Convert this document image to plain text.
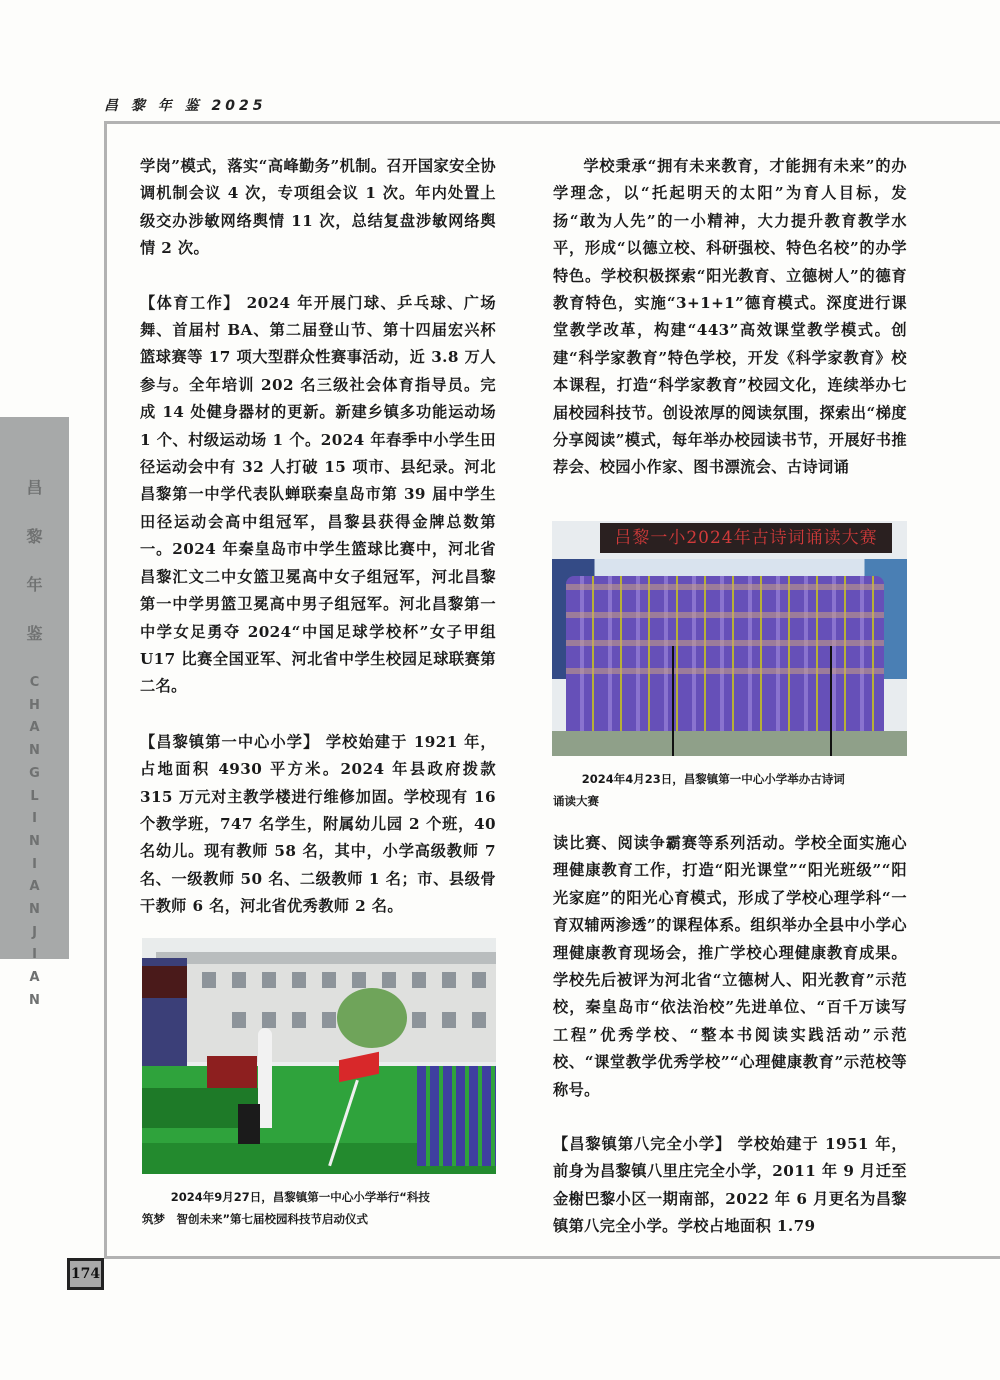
昌 黎 年 鉴 2025
昌
黎
年
鉴
C
H
A
N
G
L
I
N
I
A
N
J
I
A
N
174

学岗”模式，落实“高峰勤务”机制。召开国家安全协调机制会议 4 次，专项组会议 1 次。年内处置上级交办涉敏网络舆情 11 次，总结复盘涉敏网络舆情 2 次。

【体育工作】 2024 年开展门球、乒乓球、广场舞、首届村 BA、第二届登山节、第十四届宏兴杯篮球赛等 17 项大型群众性赛事活动，近 3.8 万人参与。全年培训 202 名三级社会体育指导员。完成 14 处健身器材的更新。新建乡镇多功能运动场 1 个、村级运动场 1 个。2024 年春季中小学生田径运动会中有 32 人打破 15 项市、县纪录。河北昌黎第一中学代表队蝉联秦皇岛市第 39 届中学生田径运动会高中组冠军，昌黎县获得金牌总数第一。2024 年秦皇岛市中学生篮球比赛中，河北省昌黎汇文二中女篮卫冕高中女子组冠军，河北昌黎第一中学男篮卫冕高中男子组冠军。河北昌黎第一中学女足勇夺 2024“中国足球学校杯”女子甲组 U17 比赛全国亚军、河北省中学生校园足球联赛第二名。

【昌黎镇第一中心小学】 学校始建于 1921 年，占地面积 4930 平方米。2024 年县政府拨款 315 万元对主教学楼进行维修加固。学校现有 16 个教学班，747 名学生，附属幼儿园 2 个班，40 名幼儿。现有教师 58 名，其中，小学高级教师 7 名、一级教师 50 名、二级教师 1 名；市、县级骨干教师 6 名，河北省优秀教师 2 名。

2024年9月27日，昌黎镇第一中心小学举行“科技
筑梦　智创未来”第七届校园科技节启动仪式

学校秉承“拥有未来教育，才能拥有未来”的办学理念，以“托起明天的太阳”为育人目标，发扬“敢为人先”的一小精神，大力提升教育教学水平，形成“以德立校、科研强校、特色名校”的办学特色。学校积极探索“阳光教育、立德树人”的德育教育特色，实施“3+1+1”德育模式。深度进行课堂教学改革，构建“443”高效课堂教学模式。创建“科学家教育”特色学校，开发《科学家教育》校本课程，打造“科学家教育”校园文化，连续举办七届校园科技节。创设浓厚的阅读氛围，探索出“梯度分享阅读”模式，每年举办校园读书节，开展好书推荐会、校园小作家、图书漂流会、古诗词诵

吕黎一小2024年古诗词诵读大赛
2024年4月23日，昌黎镇第一中心小学举办古诗词
诵读大赛

读比赛、阅读争霸赛等系列活动。学校全面实施心理健康教育工作，打造“阳光课堂”“阳光班级”“阳光家庭”的阳光心育模式，形成了学校心理学科“一育双辅两渗透”的课程体系。组织举办全县中小学心理健康教育现场会，推广学校心理健康教育成果。学校先后被评为河北省“立德树人、阳光教育”示范校，秦皇岛市“依法治校”先进单位、“百千万读写工程”优秀学校、“整本书阅读实践活动”示范校、“课堂教学优秀学校”“心理健康教育”示范校等称号。

【昌黎镇第八完全小学】 学校始建于 1951 年，前身为昌黎镇八里庄完全小学，2011 年 9 月迁至金榭巴黎小区一期南部，2022 年 6 月更名为昌黎镇第八完全小学。学校占地面积 1.79
